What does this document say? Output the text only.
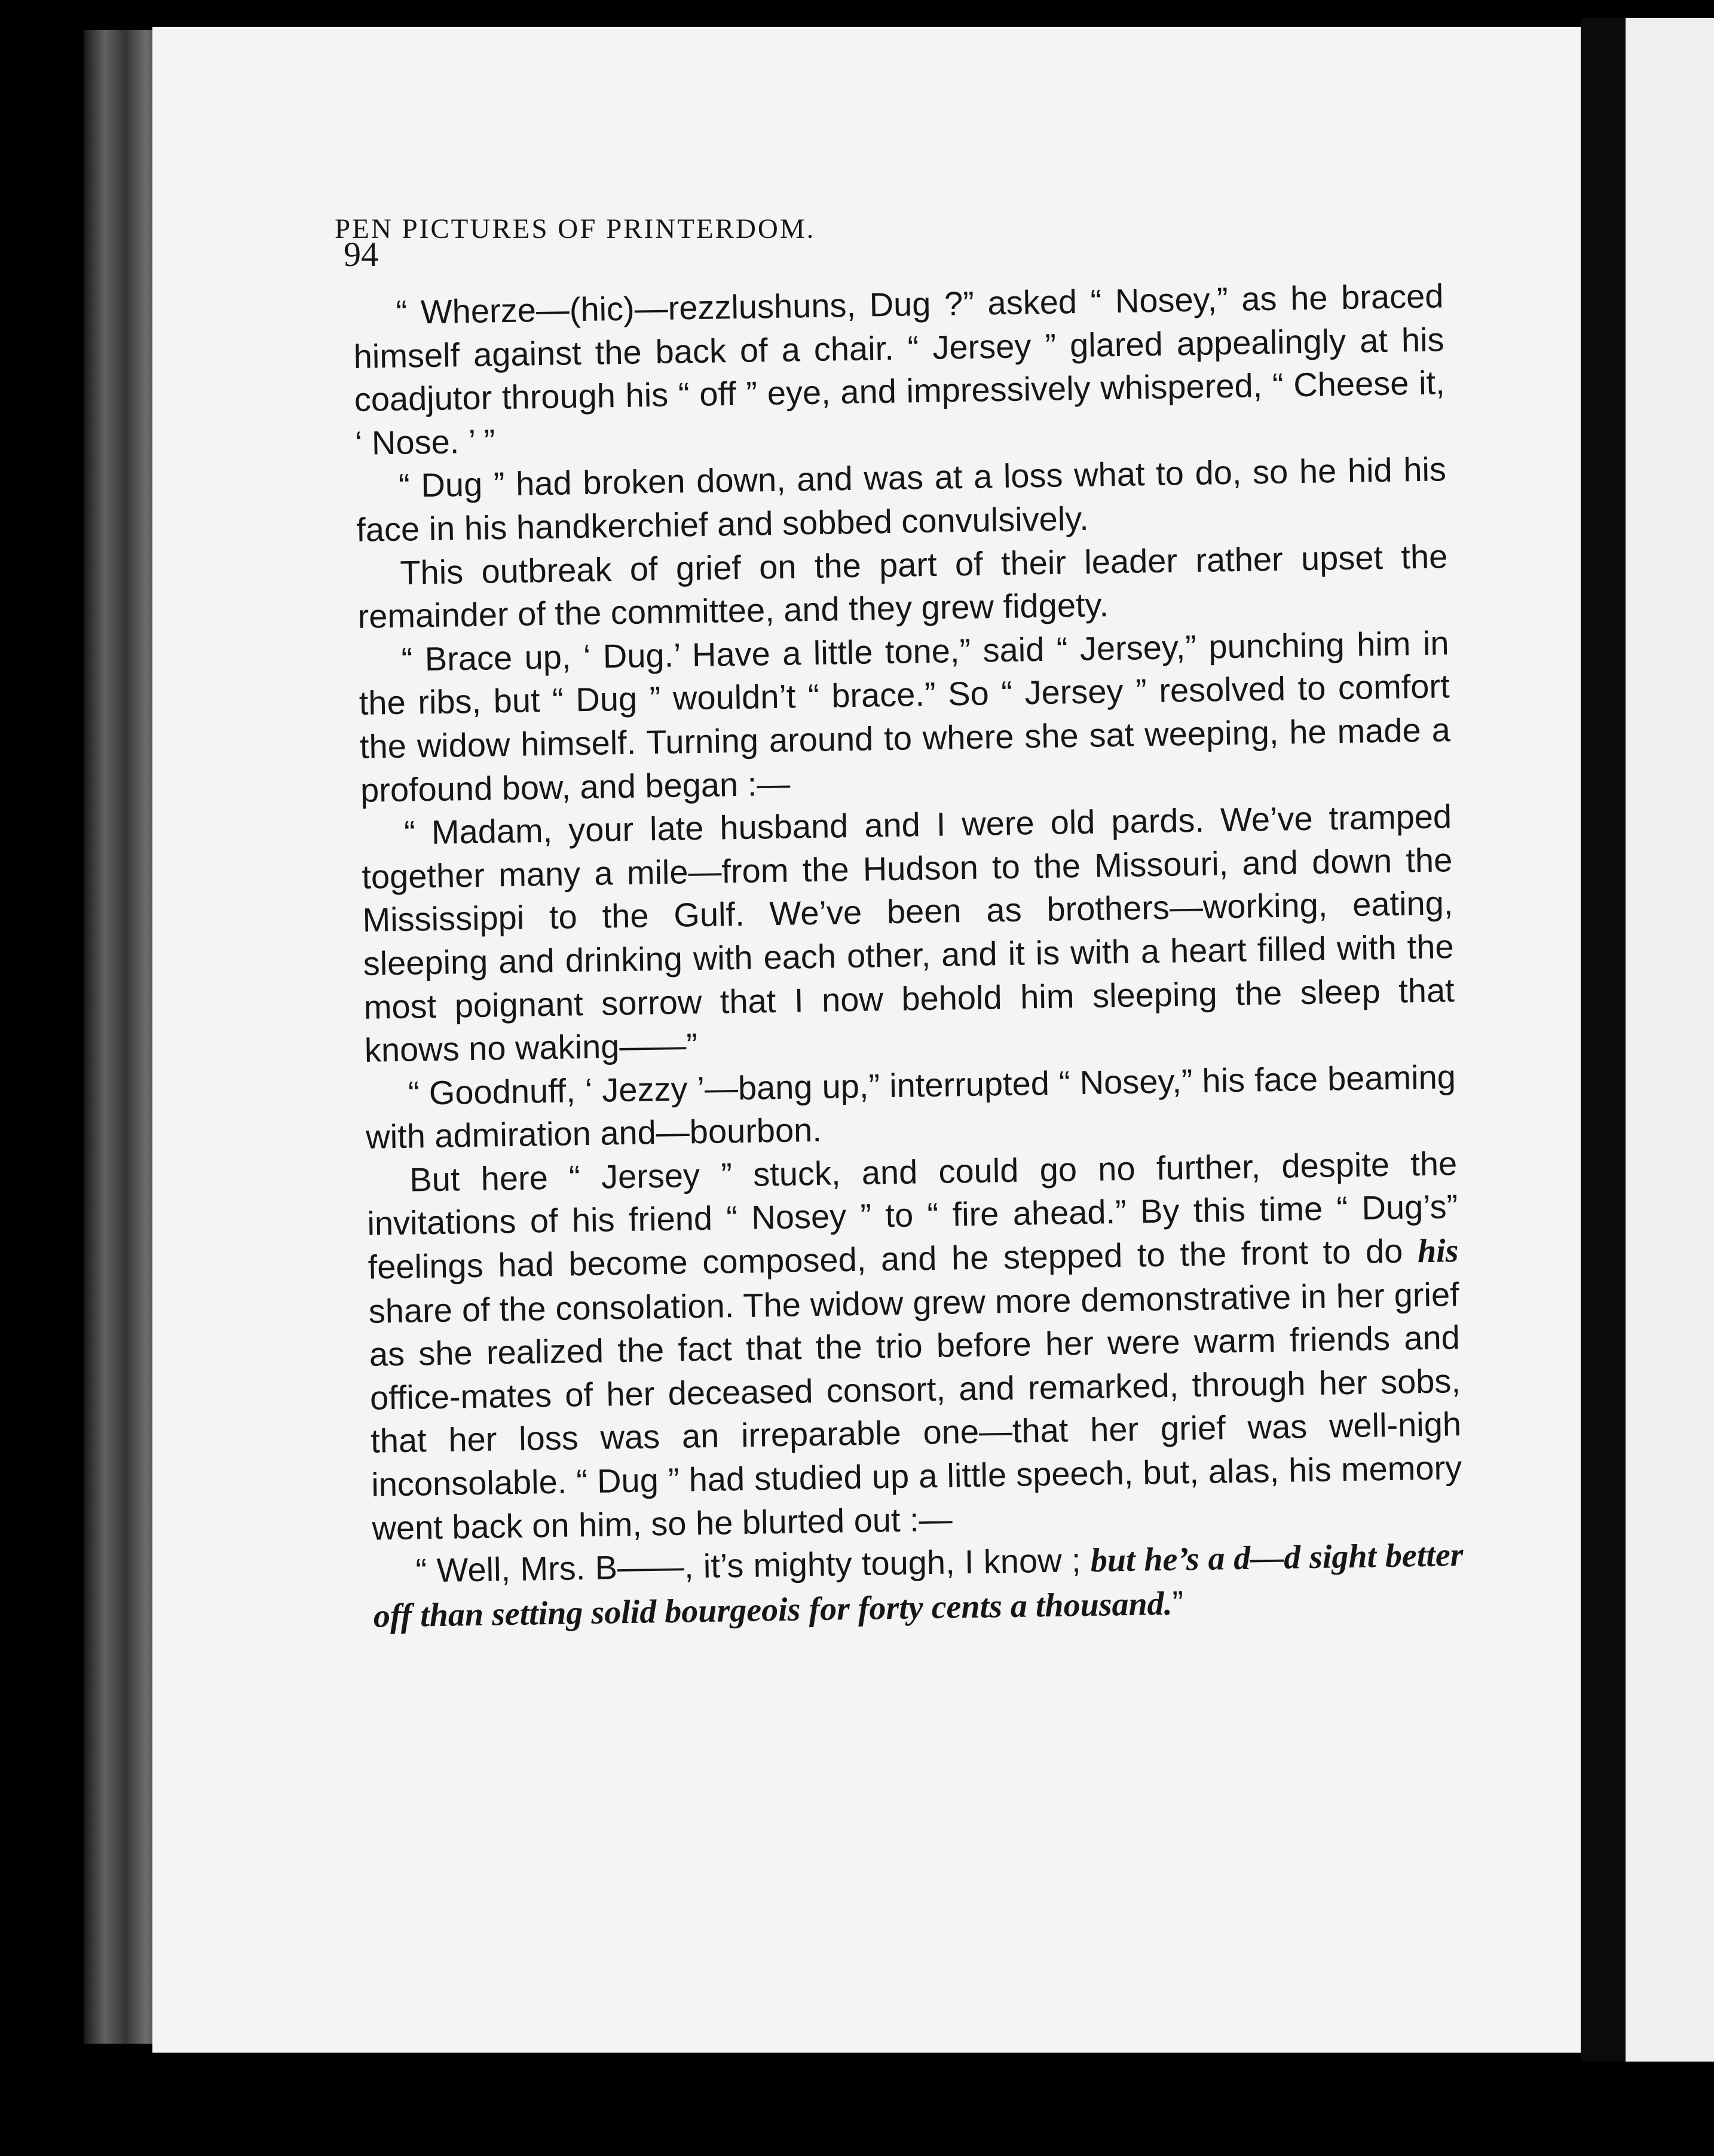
94
PEN PICTURES OF PRINTERDOM.

“ Wherze—(hic)—rezzlushuns, Dug ?” asked “ Nosey,” as he braced himself against the back of a chair. “ Jersey ” glared appealingly at his coadjutor through his “ off ” eye, and impressively whispered, “ Cheese it, ‘ Nose. ’ ”

“ Dug ” had broken down, and was at a loss what to do, so he hid his face in his handkerchief and sobbed convulsively.

This outbreak of grief on the part of their leader rather upset the remainder of the committee, and they grew fidgety.

“ Brace up, ‘ Dug.’ Have a little tone,” said “ Jersey,” punching him in the ribs, but “ Dug ” wouldn’t “ brace.” So “ Jersey ” resolved to comfort the widow himself. Turning around to where she sat weeping, he made a profound bow, and began :—

“ Madam, your late husband and I were old pards. We’ve tramped together many a mile—from the Hudson to the Missouri, and down the Mississippi to the Gulf. We’ve been as brothers—working, eating, sleeping and drinking with each other, and it is with a heart filled with the most poignant sorrow that I now behold him sleeping the sleep that knows no waking——”

“ Goodnuff, ‘ Jezzy ’—bang up,” interrupted “ Nosey,” his face beaming with admiration and—bourbon.

But here “ Jersey ” stuck, and could go no further, despite the invitations of his friend “ Nosey ” to “ fire ahead.” By this time “ Dug’s” feelings had become composed, and he stepped to the front to do his share of the consolation. The widow grew more demonstrative in her grief as she realized the fact that the trio before her were warm friends and office-mates of her deceased consort, and remarked, through her sobs, that her loss was an irreparable one—that her grief was well-nigh inconsolable. “ Dug ” had studied up a little speech, but, alas, his memory went back on him, so he blurted out :—

“ Well, Mrs. B——, it’s mighty tough, I know ; but he’s a d—d sight better off than setting solid bourgeois for forty cents a thousand.”
